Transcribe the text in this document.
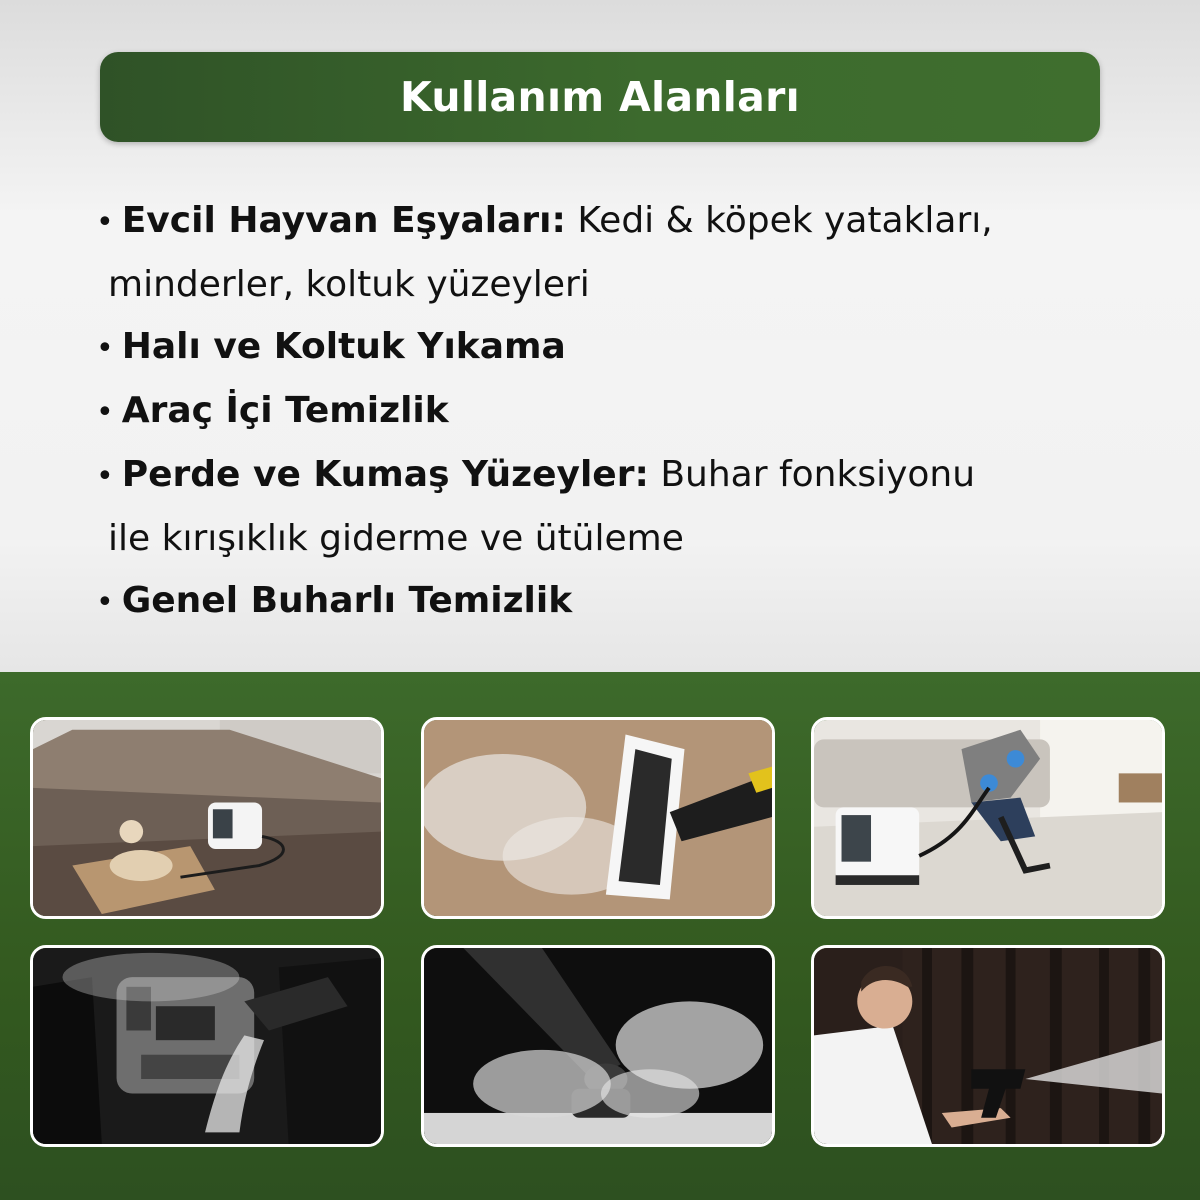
Kullanım Alanları
• Evcil Hayvan Eşyaları: Kedi & köpek yatakları,
minderler, koltuk yüzeyleri
• Halı ve Koltuk Yıkama
• Araç İçi Temizlik
• Perde ve Kumaş Yüzeyler: Buhar fonksiyonu
ile kırışıklık giderme ve ütüleme
• Genel Buharlı Temizlik
